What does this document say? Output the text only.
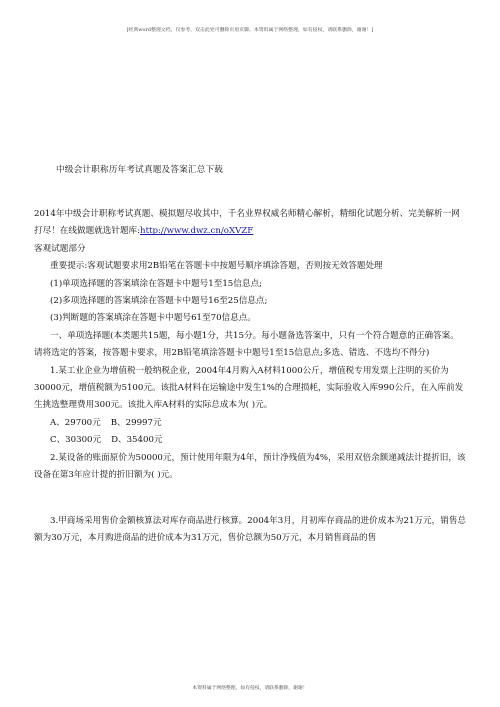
[经典word整理文档，仅参考，双击此处可删除页眉页脚。本资料属于网络整理，如有侵权，请联系删除，谢谢！]
中级会计职称历年考试真题及答案汇总下载

2014年中级会计职称考试真题、模拟题尽收其中，千名业界权威名师精心解析，精细化试题分析、完美解析一网打尽！在线做题就选针题库:http://www.dwz.cn/oXVZF

客观试题部分

重要提示:客观试题要求用2B铅笔在答题卡中按题号顺序填涂答题，否则按无效答题处理

(1)单项选择题的答案填涂在答题卡中题号1至15信息点;

(2)多项选择题的答案填涂在答题卡中题号16至25信息点;

(3)判断题的答案填涂在答题卡中题号61至70信息点。

一、单项选择题(本类题共15题，每小题1分，共15分。每小题备选答案中，只有一个符合题意的正确答案。请将选定的答案，按答题卡要求，用2B铅笔填涂答题卡中题号1至15信息点;多选、错选、不选均不得分)

1.某工业企业为增值税一般纳税企业，2004年4月购入A材料1000公斤，增值税专用发票上注明的买价为30000元，增值税额为5100元。该批A材料在运输途中发生1%的合理损耗，实际验收入库990公斤，在入库前发生挑选整理费用300元。该批入库A材料的实际总成本为( )元。

A、29700元 B、29997元

C、30300元 D、35400元

2.某设备的账面原价为50000元，预计使用年限为4年，预计净残值为4%，采用双倍余额递减法计提折旧，该设备在第3年应计提的折旧额为( )元。

3.甲商场采用售价金额核算法对库存商品进行核算。2004年3月，月初库存商品的进价成本为21万元，销售总额为30万元，本月购进商品的进价成本为31万元，售价总额为50万元，本月销售商品的售

本资料属于网络整理，如有侵权，请联系删除，谢谢！
